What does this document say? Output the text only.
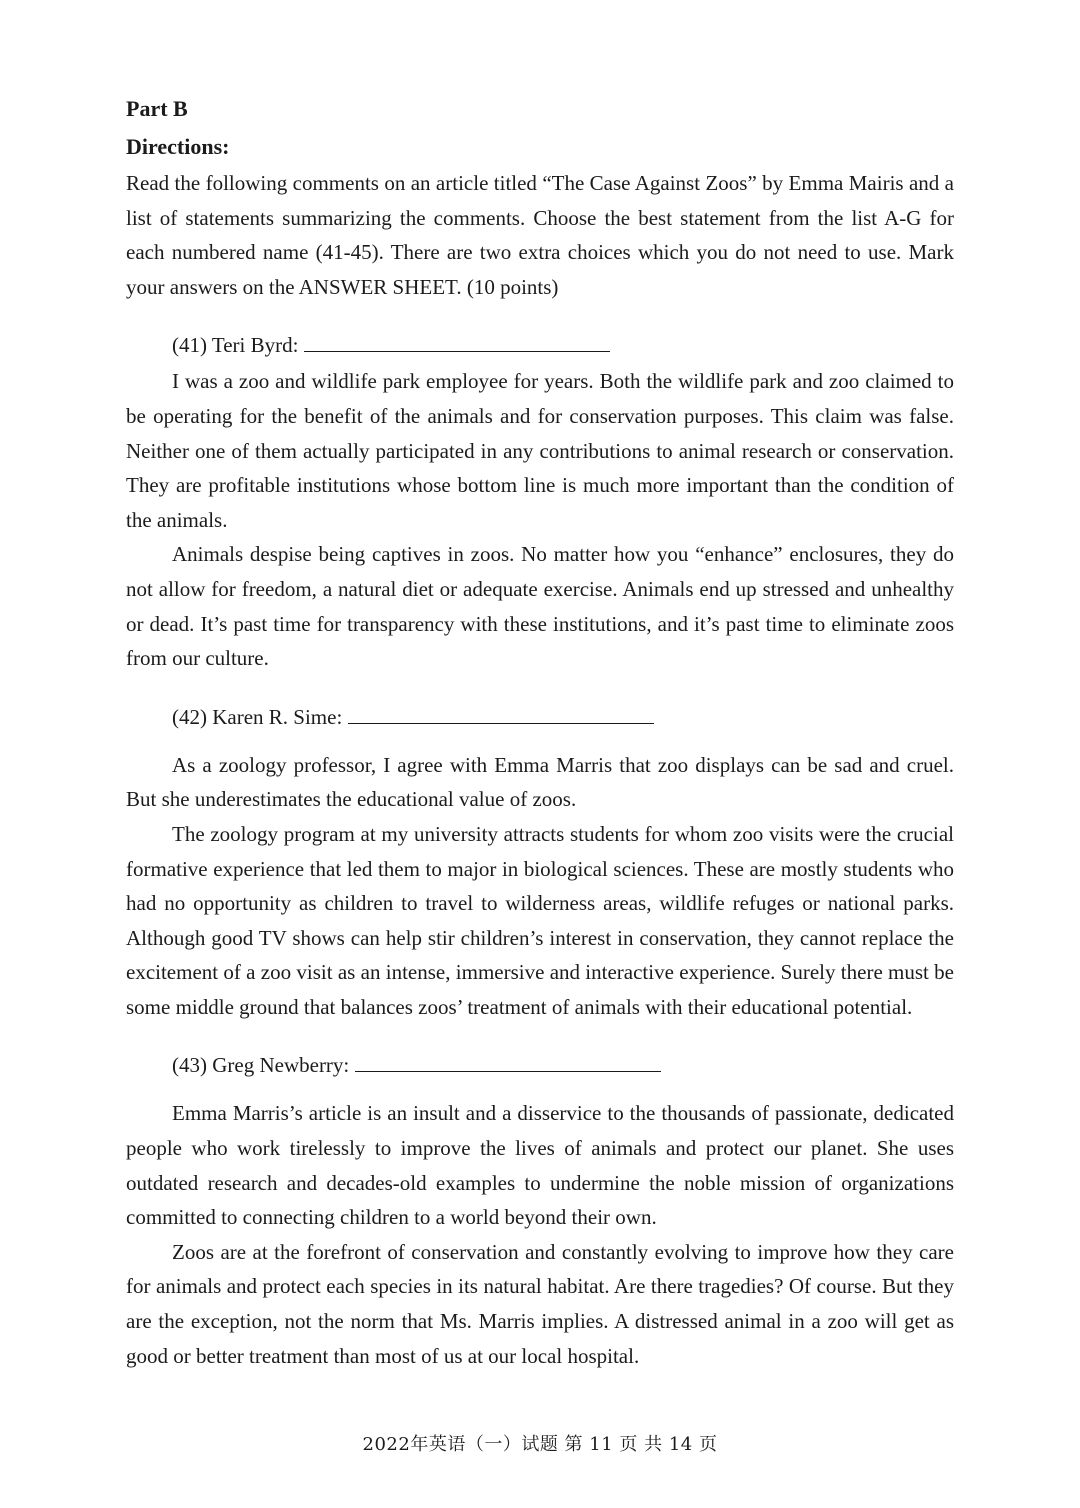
Part B

Directions:

Read the following comments on an article titled “The Case Against Zoos” by Emma Mairis and a list of statements summarizing the comments. Choose the best statement from the list A-G for each numbered name (41-45). There are two extra choices which you do not need to use. Mark your answers on the ANSWER SHEET. (10 points)

(41) Teri Byrd:

I was a zoo and wildlife park employee for years. Both the wildlife park and zoo claimed to be operating for the benefit of the animals and for conservation purposes. This claim was false. Neither one of them actually participated in any contributions to animal research or conservation. They are profitable institutions whose bottom line is much more important than the condition of the animals.

Animals despise being captives in zoos. No matter how you “enhance” enclosures, they do not allow for freedom, a natural diet or adequate exercise. Animals end up stressed and unhealthy or dead. It’s past time for transparency with these institutions, and it’s past time to eliminate zoos from our culture.

(42) Karen R. Sime:

As a zoology professor, I agree with Emma Marris that zoo displays can be sad and cruel. But she underestimates the educational value of zoos.

The zoology program at my university attracts students for whom zoo visits were the crucial formative experience that led them to major in biological sciences. These are mostly students who had no opportunity as children to travel to wilderness areas, wildlife refuges or national parks. Although good TV shows can help stir children’s interest in conservation, they cannot replace the excitement of a zoo visit as an intense, immersive and interactive experience. Surely there must be some middle ground that balances zoos’ treatment of animals with their educational potential.

(43) Greg Newberry:

Emma Marris’s article is an insult and a disservice to the thousands of passionate, dedicated people who work tirelessly to improve the lives of animals and protect our planet. She uses outdated research and decades-old examples to undermine the noble mission of organizations committed to connecting children to a world beyond their own.

Zoos are at the forefront of conservation and constantly evolving to improve how they care for animals and protect each species in its natural habitat. Are there tragedies? Of course. But they are the exception, not the norm that Ms. Marris implies. A distressed animal in a zoo will get as good or better treatment than most of us at our local hospital.

2022年英语（一）试题 第 11 页 共 14 页
